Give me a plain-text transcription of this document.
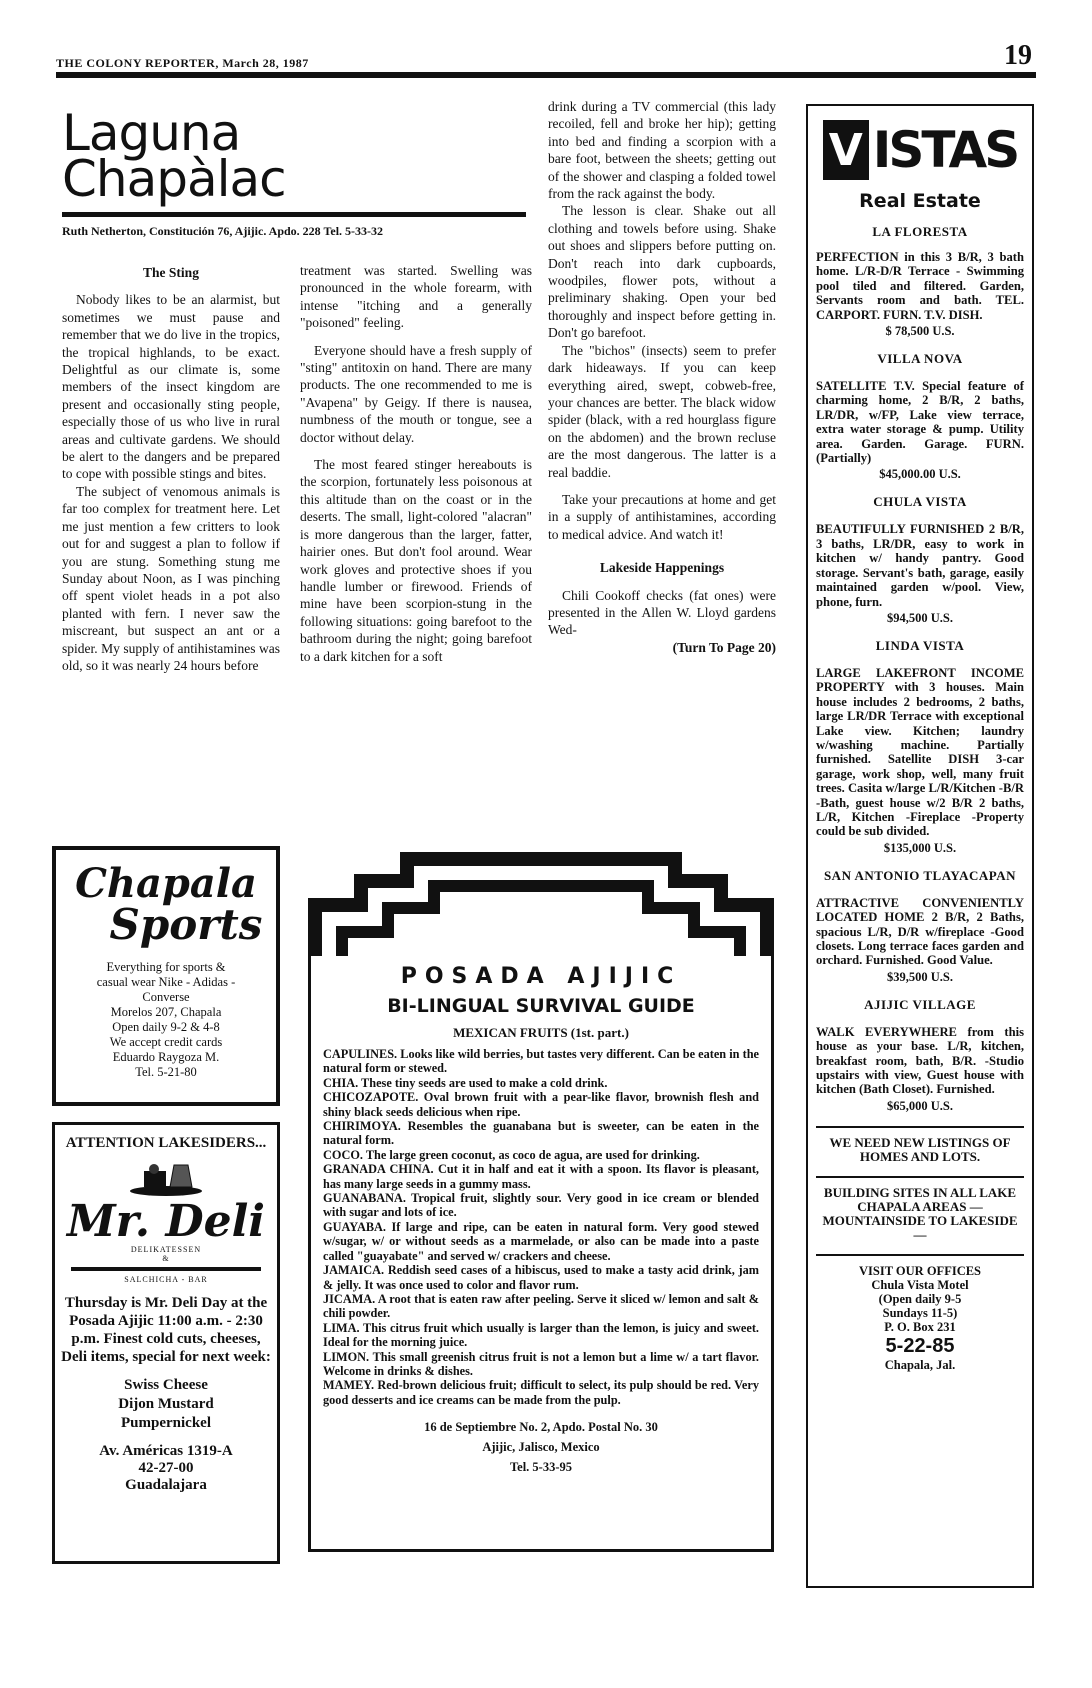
THE COLONY REPORTER, March 28, 1987	19
Laguna
Chapàlac
Ruth Netherton, Constitución 76, Ajijic. Apdo. 228 Tel. 5-33-32
The Sting

Nobody likes to be an alarmist, but sometimes we must pause and remember that we do live in the tropics, the tropical highlands, to be exact. Delightful as our climate is, some members of the insect kingdom are present and occasionally sting people, especially those of us who live in rural areas and cultivate gardens. We should be alert to the dangers and be prepared to cope with possible stings and bites.

The subject of venomous animals is far too complex for treatment here. Let me just mention a few critters to look out for and suggest a plan to follow if you are stung. Something stung me Sunday about Noon, as I was pinching off spent violet heads in a pot also planted with fern. I never saw the miscreant, but suspect an ant or a spider. My supply of antihistamines was old, so it was nearly 24 hours before

treatment was started. Swelling was pronounced in the whole forearm, with intense "itching and a generally "poisoned" feeling.

Everyone should have a fresh supply of "sting" antitoxin on hand. There are many products. The one recommended to me is "Avapena" by Geigy. If there is nausea, numbness of the mouth or tongue, see a doctor without delay.

The most feared stinger hereabouts is the scorpion, fortunately less poisonous at this altitude than on the coast or in the deserts. The small, light-colored "alacran" is more dangerous than the larger, fatter, hairier ones. But don't fool around. Wear work gloves and protective shoes if you handle lumber or firewood. Friends of mine have been scorpion-stung in the following situations: going barefoot to the bathroom during the night; going barefoot to a dark kitchen for a soft

drink during a TV commercial (this lady recoiled, fell and broke her hip); getting into bed and finding a scorpion with a bare foot, between the sheets; getting out of the shower and clasping a folded towel from the rack against the body.

The lesson is clear. Shake out all clothing and towels before using. Shake out shoes and slippers before putting on. Don't reach into dark cupboards, woodpiles, flower pots, without a preliminary shaking. Open your bed thoroughly and inspect before getting in. Don't go barefoot.

The "bichos" (insects) seem to prefer dark hideaways. If you can keep everything aired, swept, cobweb-free, your chances are better. The black widow spider (black, with a red hourglass figure on the abdomen) and the brown recluse are the most dangerous. The latter is a real baddie.

Take your precautions at home and get in a supply of antihistamines, according to medical advice. And watch it!

Lakeside Happenings

Chili Cookoff checks (fat ones) were presented in the Allen W. Lloyd gardens Wed-

(Turn To Page 20)
Chapala
Sports
Everything for sports &
casual wear Nike - Adidas -
Converse
Morelos 207, Chapala
Open daily 9-2 & 4-8
We accept credit cards
Eduardo Raygoza M.
Tel. 5-21-80
ATTENTION LAKESIDERS...
Mr. Deli
DELIKATESSEN
&
SALCHICHA - BAR
Thursday is Mr. Deli Day at the Posada Ajijic 11:00 a.m. - 2:30 p.m. Finest cold cuts, cheeses, Deli items, special for next week:
Swiss Cheese
Dijon Mustard
Pumpernickel
Av. Américas 1319-A
42-27-00
Guadalajara
POSADA AJIJIC
BI-LINGUAL SURVIVAL GUIDE
MEXICAN FRUITS (1st. part.)

CAPULINES. Looks like wild berries, but tastes very different. Can be eaten in the natural form or stewed.

CHIA. These tiny seeds are used to make a cold drink.

CHICOZAPOTE. Oval brown fruit with a pear-like flavor, brownish flesh and shiny black seeds delicious when ripe.

CHIRIMOYA. Resembles the guanabana but is sweeter, can be eaten in the natural form.

COCO. The large green coconut, as coco de agua, are used for drinking.

GRANADA CHINA. Cut it in half and eat it with a spoon. Its flavor is pleasant, has many large seeds in a gummy mass.

GUANABANA. Tropical fruit, slightly sour. Very good in ice cream or blended with sugar and lots of ice.

GUAYABA. If large and ripe, can be eaten in natural form. Very good stewed w/sugar, w/ or without seeds as a marmelade, or also can be made into a paste called "guayabate" and served w/ crackers and cheese.

JAMAICA. Reddish seed cases of a hibiscus, used to make a tasty acid drink, jam & jelly. It was once used to color and flavor rum.

JICAMA. A root that is eaten raw after peeling. Serve it sliced w/ lemon and salt & chili powder.

LIMA. This citrus fruit which usually is larger than the lemon, is juicy and sweet. Ideal for the morning juice.

LIMON. This small greenish citrus fruit is not a lemon but a lime w/ a tart flavor. Welcome in drinks & dishes.

MAMEY. Red-brown delicious fruit; difficult to select, its pulp should be red. Very good desserts and ice creams can be made from the pulp.

16 de Septiembre No. 2, Apdo. Postal No. 30
Ajijic, Jalisco, Mexico
Tel. 5-33-95
V ISTAS
Real Estate
LA FLORESTA
PERFECTION in this 3 B/R, 3 bath home. L/R-D/R Terrace - Swimming pool tiled and filtered. Garden, Servants room and bath. TEL. CARPORT. FURN. T.V. DISH.
$ 78,500 U.S.
VILLA NOVA
SATELLITE T.V. Special feature of charming home, 2 B/R, 2 baths, LR/DR, w/FP, Lake view terrace, extra water storage & pump. Utility area. Garden. Garage. FURN. (Partially)
$45,000.00 U.S.
CHULA VISTA
BEAUTIFULLY FURNISHED 2 B/R, 3 baths, LR/DR, easy to work in kitchen w/ handy pantry. Good storage. Servant's bath, garage, easily maintained garden w/pool. View, phone, furn.
$94,500 U.S.
LINDA VISTA
LARGE LAKEFRONT INCOME PROPERTY with 3 houses. Main house includes 2 bedrooms, 2 baths, large LR/DR Terrace with exceptional Lake view. Kitchen; laundry w/washing machine. Partially furnished. Satellite DISH 3-car garage, work shop, well, many fruit trees. Casita w/large L/R/Kitchen -B/R -Bath, guest house w/2 B/R 2 baths, L/R, Kitchen -Fireplace -Property could be sub divided.
$135,000 U.S.
SAN ANTONIO TLAYACAPAN
ATTRACTIVE CONVENIENTLY LOCATED HOME 2 B/R, 2 Baths, spacious L/R, D/R w/fireplace -Good closets. Long terrace faces garden and orchard. Furnished. Good Value.
$39,500 U.S.
AJIJIC VILLAGE
WALK EVERYWHERE from this house as your base. L/R, kitchen, breakfast room, bath, B/R. -Studio upstairs with view, Guest house with kitchen (Bath Closet). Furnished.
$65,000 U.S.
WE NEED NEW LISTINGS OF HOMES AND LOTS.
BUILDING SITES IN ALL LAKE CHAPALA AREAS — MOUNTAINSIDE TO LAKESIDE —
VISIT OUR OFFICES
Chula Vista Motel
(Open daily 9-5
Sundays 11-5)
P. O. Box 231
5-22-85
Chapala, Jal.
